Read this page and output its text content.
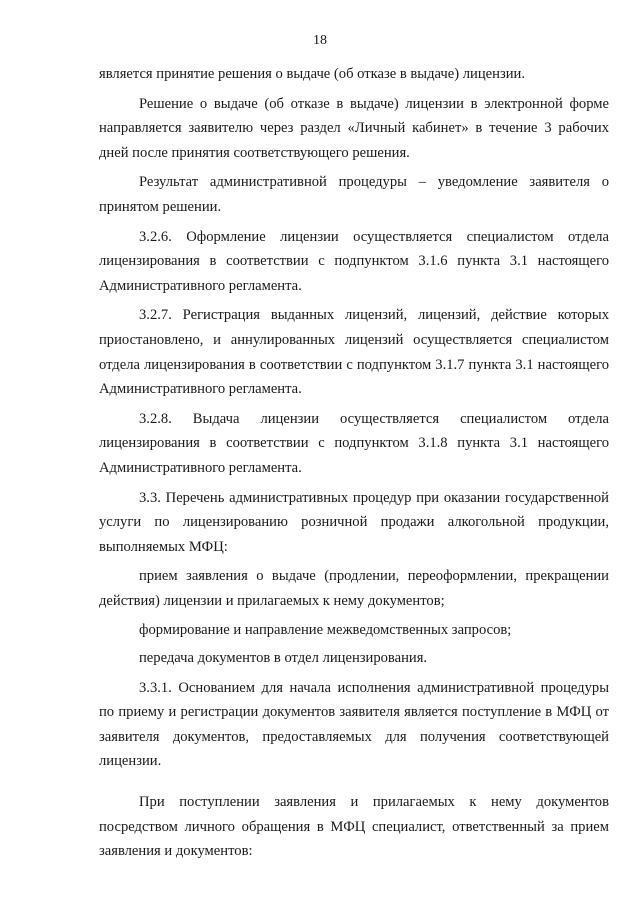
18

является принятие решения о выдаче (об отказе в выдаче) лицензии.

Решение о выдаче (об отказе в выдаче) лицензии в электронной форме направляется заявителю через раздел «Личный кабинет» в течение 3 рабочих дней после принятия соответствующего решения.

Результат административной процедуры – уведомление заявителя о принятом решении.

3.2.6. Оформление лицензии осуществляется специалистом отдела лицензирования в соответствии с подпунктом 3.1.6 пункта 3.1 настоящего Административного регламента.

3.2.7. Регистрация выданных лицензий, лицензий, действие которых приостановлено, и аннулированных лицензий осуществляется специалистом отдела лицензирования в соответствии с подпунктом 3.1.7 пункта 3.1 настоящего Административного регламента.

3.2.8. Выдача лицензии осуществляется специалистом отдела лицензирования в соответствии с подпунктом 3.1.8 пункта 3.1 настоящего Административного регламента.

3.3. Перечень административных процедур при оказании государственной услуги по лицензированию розничной продажи алкогольной продукции, выполняемых МФЦ:

прием заявления о выдаче (продлении, переоформлении, прекращении действия) лицензии и прилагаемых к нему документов;

формирование и направление межведомственных запросов;

передача документов в отдел лицензирования.

3.3.1. Основанием для начала исполнения административной процедуры по приему и регистрации документов заявителя является поступление в МФЦ от заявителя документов, предоставляемых для получения соответствующей лицензии.

При поступлении заявления и прилагаемых к нему документов посредством личного обращения в МФЦ специалист, ответственный за прием заявления и документов:
